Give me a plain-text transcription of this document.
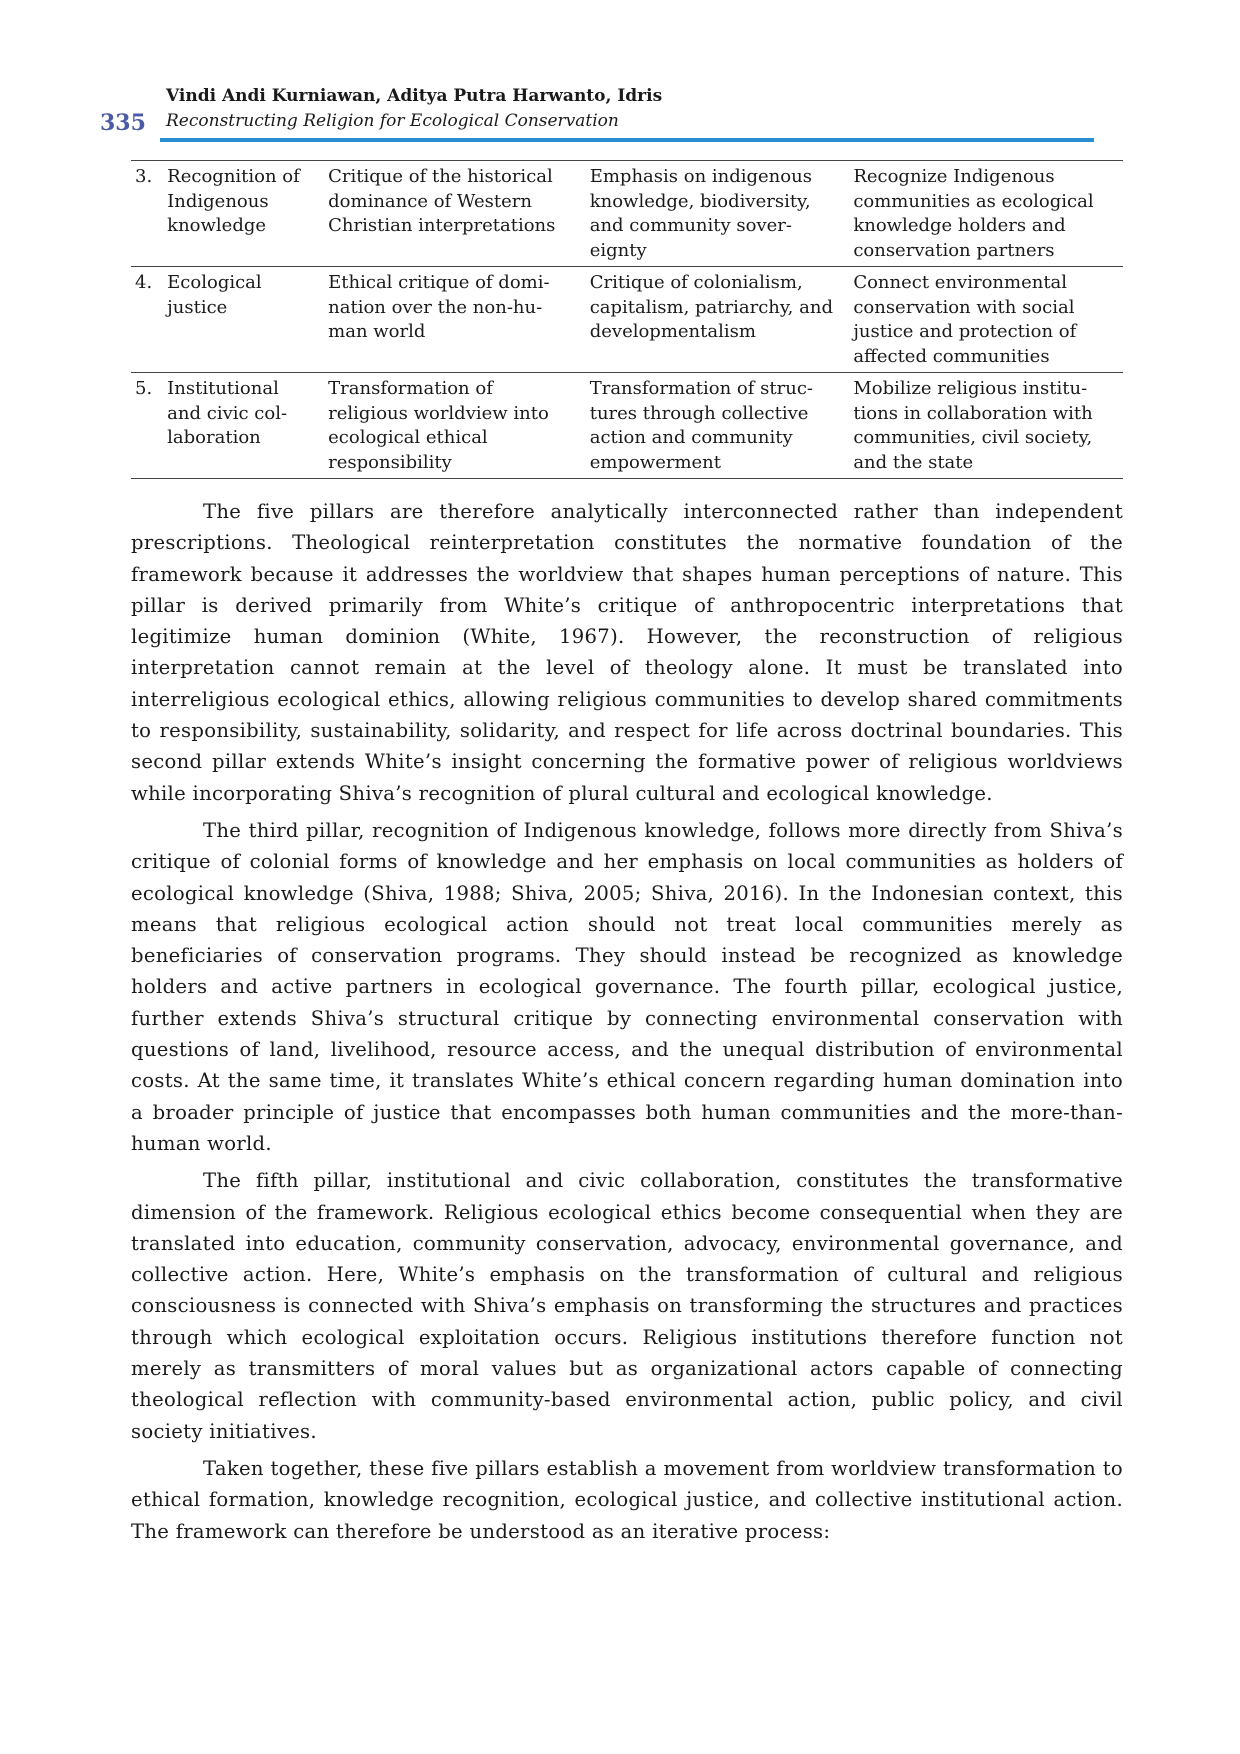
Vindi Andi Kurniawan, Aditya Putra Harwanto, Idris
335 Reconstructing Religion for Ecological Conservation
3.	Recognition of Indigenous knowledge	Critique of the historical dominance of Western Christian interpretations	Emphasis on indigenous knowledge, biodiversity, and community sover-eignty	Recognize Indigenous communities as ecological knowledge holders and conservation partners
4.	Ecological justice	Ethical critique of domi-nation over the non-hu-man world	Critique of colonialism, capitalism, patriarchy, and developmentalism	Connect environmental conservation with social justice and protection of affected communities
5.	Institutional and civic col-laboration	Transformation of religious worldview into ecological ethical responsibility	Transformation of struc-tures through collective action and community empowerment	Mobilize religious institu-tions in collaboration with communities, civil society, and the state

The five pillars are therefore analytically interconnected rather than independent prescriptions. Theological reinterpretation constitutes the normative foundation of the framework because it addresses the worldview that shapes human perceptions of nature. This pillar is derived primarily from White’s critique of anthropocentric interpretations that legitimize human dominion (White, 1967). However, the reconstruction of religious interpretation cannot remain at the level of theology alone. It must be translated into interreligious ecological ethics, allowing religious communities to develop shared commitments to responsibility, sustainability, solidarity, and respect for life across doctrinal boundaries. This second pillar extends White’s insight concerning the formative power of religious worldviews while incorporating Shiva’s recognition of plural cultural and ecological knowledge.

The third pillar, recognition of Indigenous knowledge, follows more directly from Shiva’s critique of colonial forms of knowledge and her emphasis on local communities as holders of ecological knowledge (Shiva, 1988; Shiva, 2005; Shiva, 2016). In the Indonesian context, this means that religious ecological action should not treat local communities merely as beneficiaries of conservation programs. They should instead be recognized as knowledge holders and active partners in ecological governance. The fourth pillar, ecological justice, further extends Shiva’s structural critique by connecting environmental conservation with questions of land, livelihood, resource access, and the unequal distribution of environmental costs. At the same time, it translates White’s ethical concern regarding human domination into a broader principle of justice that encompasses both human communities and the more-than-human world.

The fifth pillar, institutional and civic collaboration, constitutes the transformative dimension of the framework. Religious ecological ethics become consequential when they are translated into education, community conservation, advocacy, environmental governance, and collective action. Here, White’s emphasis on the transformation of cultural and religious consciousness is connected with Shiva’s emphasis on transforming the structures and practices through which ecological exploitation occurs. Religious institutions therefore function not merely as transmitters of moral values but as organizational actors capable of connecting theological reflection with community-based environmental action, public policy, and civil society initiatives.

Taken together, these five pillars establish a movement from worldview transformation to ethical formation, knowledge recognition, ecological justice, and collective institutional action. The framework can therefore be understood as an iterative process:
